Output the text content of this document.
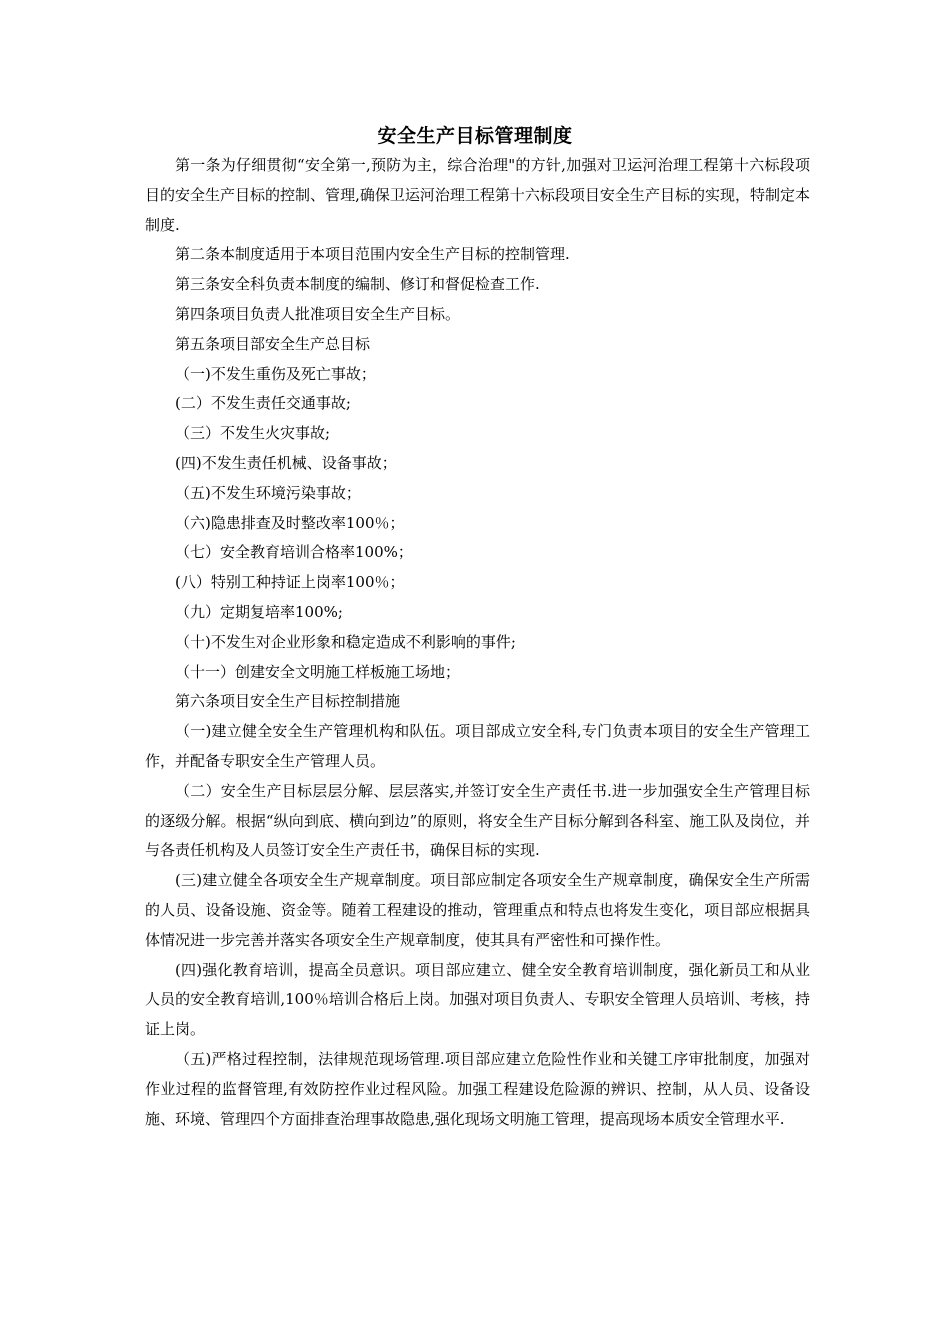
安全生产目标管理制度

第一条为仔细贯彻“安全第一,预防为主，综合治理"的方针,加强对卫运河治理工程第十六标段项目的安全生产目标的控制、管理,确保卫运河治理工程第十六标段项目安全生产目标的实现，特制定本制度.

第二条本制度适用于本项目范围内安全生产目标的控制管理.

第三条安全科负责本制度的编制、修订和督促检查工作.

第四条项目负责人批准项目安全生产目标。

第五条项目部安全生产总目标

（一)不发生重伤及死亡事故；

(二）不发生责任交通事故;

（三）不发生火灾事故;

(四)不发生责任机械、设备事故；

（五)不发生环境污染事故；

（六)隐患排查及时整改率100％；

（七）安全教育培训合格率100%；

(八）特别工种持证上岗率100％；

（九）定期复培率100%;

（十)不发生对企业形象和稳定造成不利影响的事件;

（十一）创建安全文明施工样板施工场地；

第六条项目安全生产目标控制措施

（一)建立健全安全生产管理机构和队伍。项目部成立安全科,专门负责本项目的安全生产管理工作，并配备专职安全生产管理人员。

（二）安全生产目标层层分解、层层落实,并签订安全生产责任书.进一步加强安全生产管理目标的逐级分解。根据“纵向到底、横向到边”的原则，将安全生产目标分解到各科室、施工队及岗位，并与各责任机构及人员签订安全生产责任书，确保目标的实现.

(三)建立健全各项安全生产规章制度。项目部应制定各项安全生产规章制度，确保安全生产所需的人员、设备设施、资金等。随着工程建设的推动，管理重点和特点也将发生变化，项目部应根据具体情况进一步完善并落实各项安全生产规章制度，使其具有严密性和可操作性。

(四)强化教育培训，提高全员意识。项目部应建立、健全安全教育培训制度，强化新员工和从业人员的安全教育培训,100％培训合格后上岗。加强对项目负责人、专职安全管理人员培训、考核，持证上岗。

（五)严格过程控制，法律规范现场管理.项目部应建立危险性作业和关键工序审批制度，加强对作业过程的监督管理,有效防控作业过程风险。加强工程建设危险源的辨识、控制，从人员、设备设施、环境、管理四个方面排查治理事故隐患,强化现场文明施工管理，提高现场本质安全管理水平.
